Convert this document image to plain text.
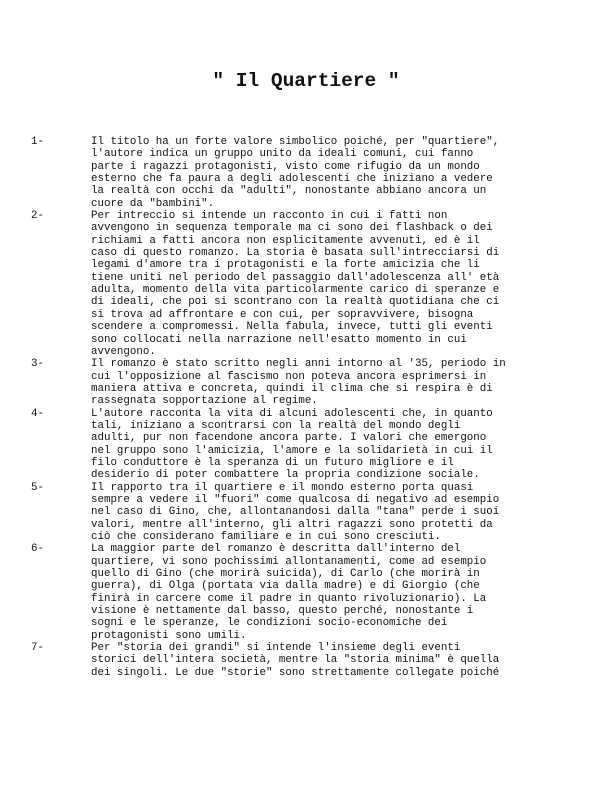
" Il Quartiere "
1-	Il titolo ha un forte valore simbolico poiché, per "quartiere",
l'autore indica un gruppo unito da ideali comuni, cui fanno
parte i ragazzi protagonisti, visto come rifugio da un mondo
esterno che fa paura a degli adolescenti che iniziano a vedere
la realtà con occhi da "adulti", nonostante abbiano ancora un
cuore da "bambini".
2-	Per intreccio si intende un racconto in cui i fatti non
avvengono in sequenza temporale ma ci sono dei flashback o dei
richiami a fatti ancora non esplicitamente avvenuti, ed è il
caso di questo romanzo. La storia è basata sull'intrecciarsi di
legami d'amore tra i protagonisti e la forte amicizia che li
tiene uniti nel periodo del passaggio dall'adolescenza all' età
adulta, momento della vita particolarmente carico di speranze e
di ideali, che poi si scontrano con la realtà quotidiana che ci
si trova ad affrontare e con cui, per sopravvivere, bisogna
scendere a compromessi. Nella fabula, invece, tutti gli eventi
sono collocati nella narrazione nell'esatto momento in cui
avvengono.
3-	Il romanzo è stato scritto negli anni intorno al '35, periodo in
cui l'opposizione al fascismo non poteva ancora esprimersi in
maniera attiva e concreta, quindi il clima che si respira è di
rassegnata sopportazione al regime.
4-	L'autore racconta la vita di alcuni adolescenti che, in quanto
tali, iniziano a scontrarsi con la realtà del mondo degli
adulti, pur non facendone ancora parte. I valori che emergono
nel gruppo sono l'amicizia, l'amore e la solidarietà in cui il
filo conduttore è la speranza di un futuro migliore e il
desiderio di poter combattere la propria condizione sociale.
5-	Il rapporto tra il quartiere e il mondo esterno porta quasi
sempre a vedere il "fuori" come qualcosa di negativo ad esempio
nel caso di Gino, che, allontanandosi dalla "tana" perde i suoi
valori, mentre all'interno, gli altri ragazzi sono protetti da
ciò che considerano familiare e in cui sono cresciuti.
6-	La maggior parte del romanzo è descritta dall'interno del
quartiere, vi sono pochissimi allontanamenti, come ad esempio
quello di Gino (che morirà suicida), di Carlo (che morirà in
guerra), di Olga (portata via dalla madre) e di Giorgio (che
finirà in carcere come il padre in quanto rivoluzionario). La
visione è nettamente dal basso, questo perché, nonostante i
sogni e le speranze, le condizioni socio-economiche dei
protagonisti sono umili.
7-	Per "storia dei grandi" si intende l'insieme degli eventi
storici dell'intera società, mentre la "storia minima" è quella
dei singoli. Le due "storie" sono strettamente collegate poiché
